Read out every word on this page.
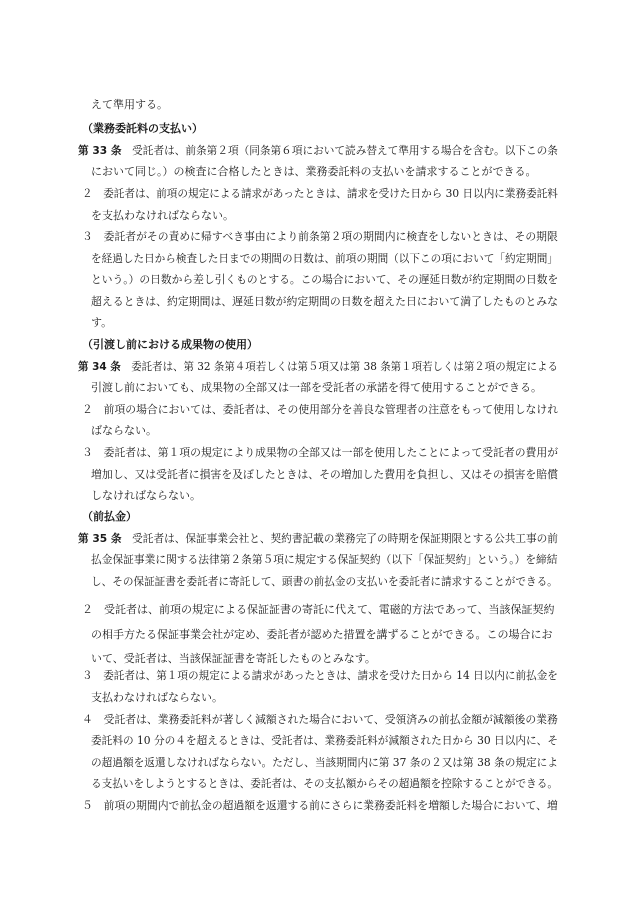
えて準用する。
（業務委託料の支払い）
第 33 条　受託者は、前条第２項（同条第６項において読み替えて準用する場合を含む。以下この条
において同じ。）の検査に合格したときは、業務委託料の支払いを請求することができる。
２　委託者は、前項の規定による請求があったときは、請求を受けた日から 30 日以内に業務委託料
を支払わなければならない。
３　委託者がその責めに帰すべき事由により前条第２項の期間内に検査をしないときは、その期限
を経過した日から検査した日までの期間の日数は、前項の期間（以下この項において「約定期間」
という。）の日数から差し引くものとする。この場合において、その遅延日数が約定期間の日数を
超えるときは、約定期間は、遅延日数が約定期間の日数を超えた日において満了したものとみな
す。
（引渡し前における成果物の使用）
第 34 条　委託者は、第 32 条第４項若しくは第５項又は第 38 条第１項若しくは第２項の規定による
引渡し前においても、成果物の全部又は一部を受託者の承諾を得て使用することができる。
２　前項の場合においては、委託者は、その使用部分を善良な管理者の注意をもって使用しなけれ
ばならない。
３　委託者は、第１項の規定により成果物の全部又は一部を使用したことによって受託者の費用が
増加し、又は受託者に損害を及ぼしたときは、その増加した費用を負担し、又はその損害を賠償
しなければならない。
（前払金）
第 35 条　受託者は、保証事業会社と、契約書記載の業務完了の時期を保証期限とする公共工事の前
払金保証事業に関する法律第２条第５項に規定する保証契約（以下「保証契約」という。）を締結
し、その保証証書を委託者に寄託して、頭書の前払金の支払いを委託者に請求することができる。
２　受託者は、前項の規定による保証証書の寄託に代えて、電磁的方法であって、当該保証契約
の相手方たる保証事業会社が定め、委託者が認めた措置を講ずることができる。この場合にお
いて、受託者は、当該保証証書を寄託したものとみなす。
３　委託者は、第１項の規定による請求があったときは、請求を受けた日から 14 日以内に前払金を
支払わなければならない。
４　受託者は、業務委託料が著しく減額された場合において、受領済みの前払金額が減額後の業務
委託料の 10 分の４を超えるときは、受託者は、業務委託料が減額された日から 30 日以内に、そ
の超過額を返還しなければならない。ただし、当該期間内に第 37 条の２又は第 38 条の規定によ
る支払いをしようとするときは、委託者は、その支払額からその超過額を控除することができる。
５　前項の期間内で前払金の超過額を返還する前にさらに業務委託料を増額した場合において、増
